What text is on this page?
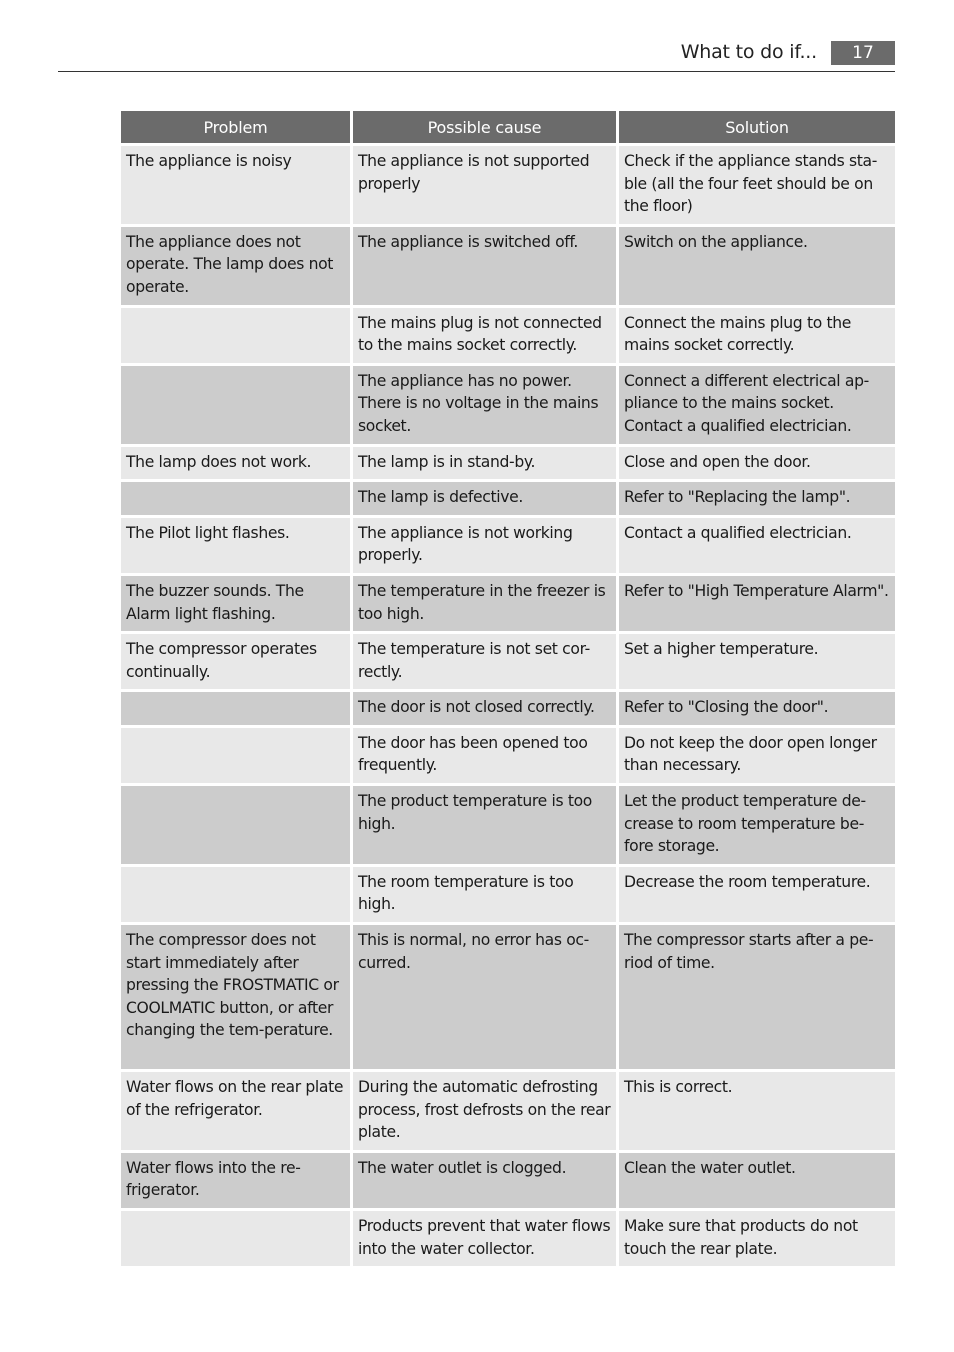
What to do if...	17
Problem	Possible cause	Solution
The appliance is noisy	The appliance is not supported properly	Check if the appliance stands sta-ble (all the four feet should be on the floor)
The appliance does not operate. The lamp does not operate.	The appliance is switched off.	Switch on the appliance.
	The mains plug is not connected to the mains socket correctly.	Connect the mains plug to the mains socket correctly.
	The appliance has no power. There is no voltage in the mains socket.	Connect a different electrical ap-pliance to the mains socket. Contact a qualified electrician.
The lamp does not work.	The lamp is in stand-by.	Close and open the door.
	The lamp is defective.	Refer to "Replacing the lamp".
The Pilot light flashes.	The appliance is not working properly.	Contact a qualified electrician.
The buzzer sounds. The Alarm light flashing.	The temperature in the freezer is too high.	Refer to "High Temperature Alarm".
The compressor operates continually.	The temperature is not set cor-rectly.	Set a higher temperature.
	The door is not closed correctly.	Refer to "Closing the door".
	The door has been opened too frequently.	Do not keep the door open longer than necessary.
	The product temperature is too high.	Let the product temperature de-crease to room temperature be-fore storage.
	The room temperature is too high.	Decrease the room temperature.
The compressor does not start immediately after pressing the FROSTMATIC or COOLMATIC button, or after changing the tem-perature.	This is normal, no error has oc-curred.	The compressor starts after a pe-riod of time.
Water flows on the rear plate of the refrigerator.	During the automatic defrosting process, frost defrosts on the rear plate.	This is correct.
Water flows into the re-frigerator.	The water outlet is clogged.	Clean the water outlet.
	Products prevent that water flows into the water collector.	Make sure that products do not touch the rear plate.
